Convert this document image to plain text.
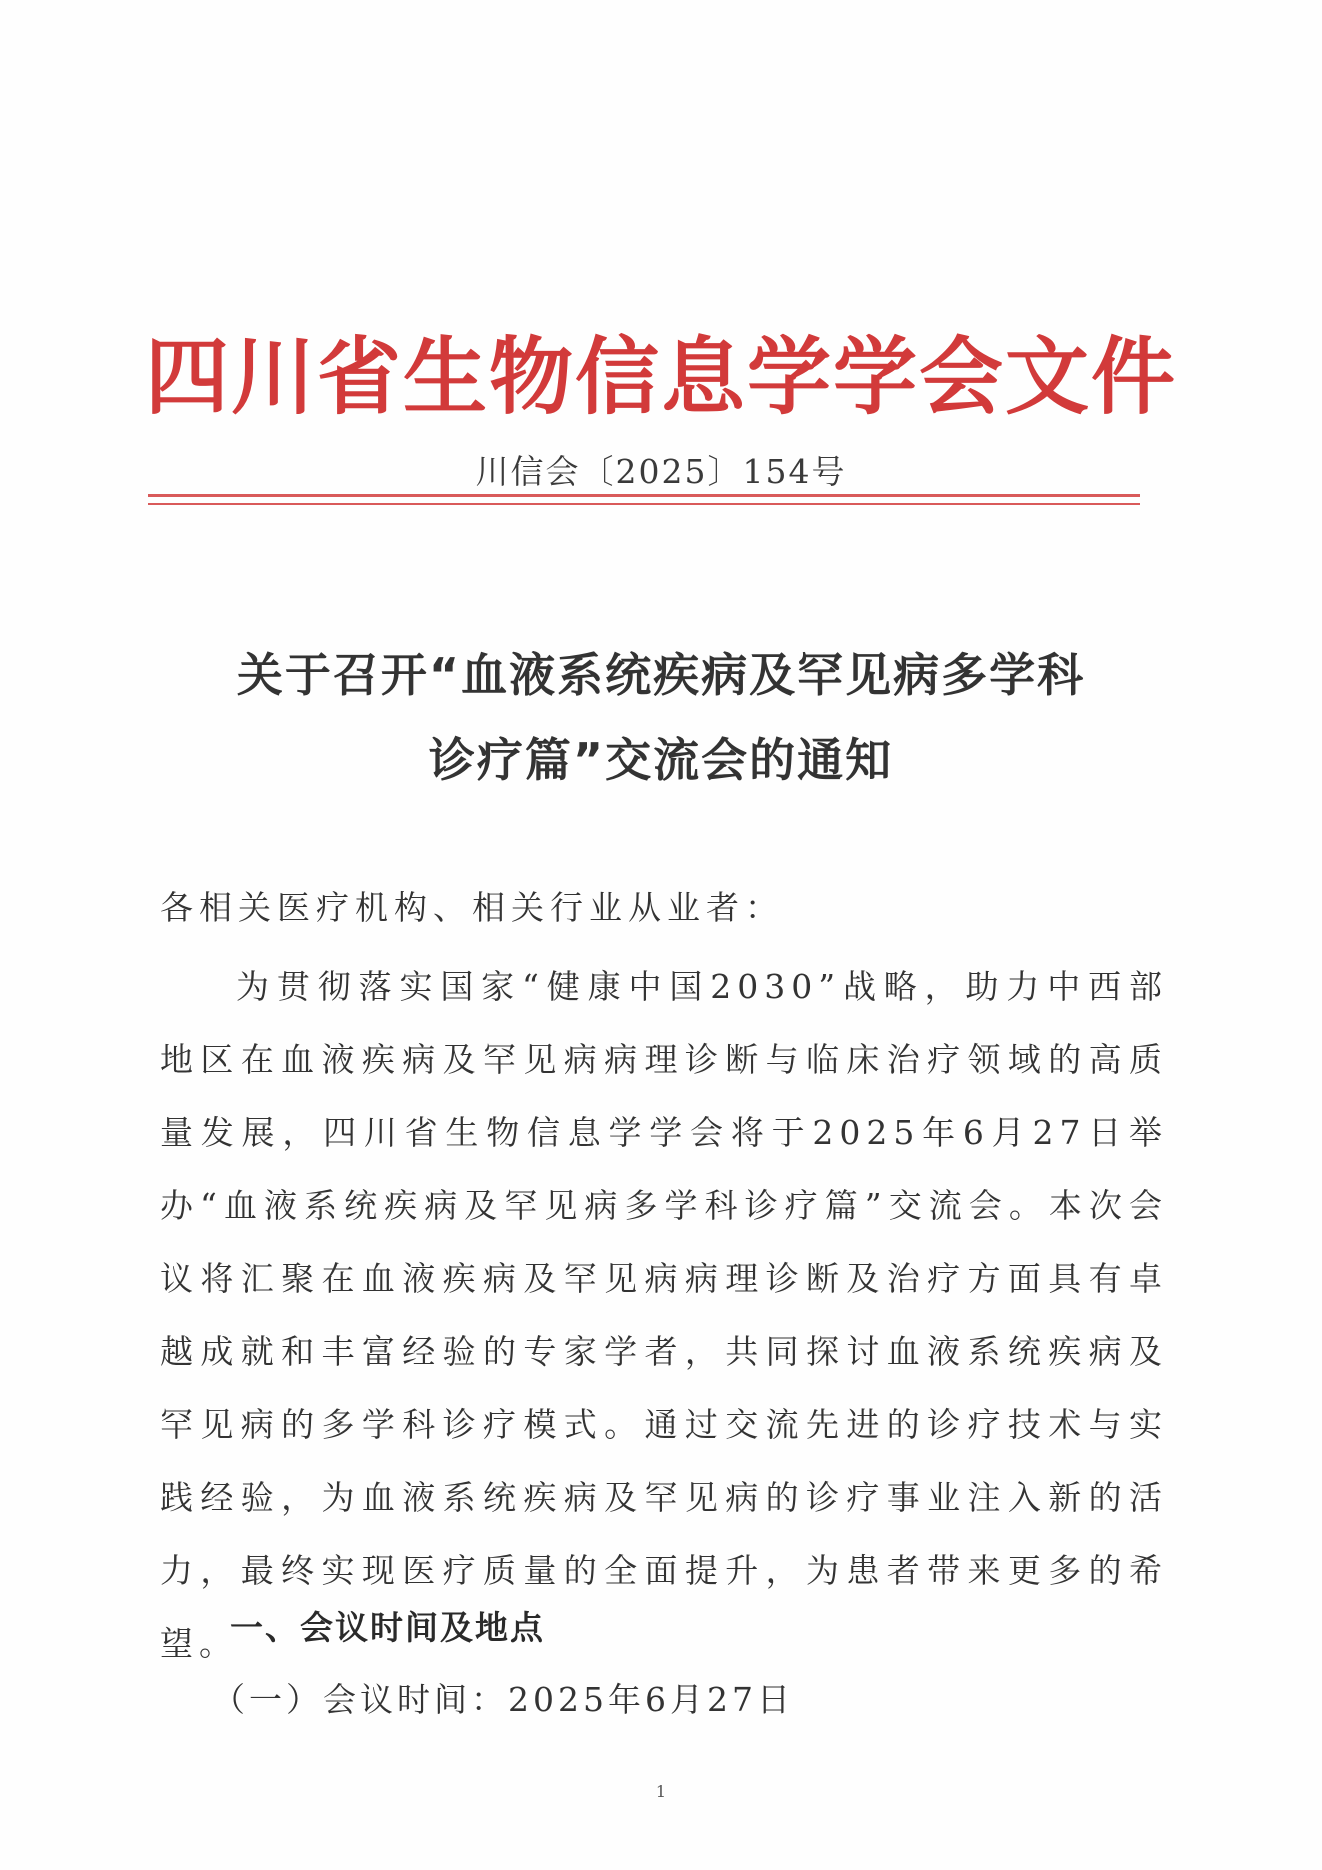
四川省生物信息学学会文件
川信会〔2025〕154号
关于召开“血液系统疾病及罕见病多学科
诊疗篇”交流会的通知
各相关医疗机构、相关行业从业者：
为贯彻落实国家“健康中国2030”战略，助力中西部地区在血液疾病及罕见病病理诊断与临床治疗领域的高质量发展，四川省生物信息学学会将于2025年6月27日举办“血液系统疾病及罕见病多学科诊疗篇”交流会。本次会议将汇聚在血液疾病及罕见病病理诊断及治疗方面具有卓越成就和丰富经验的专家学者，共同探讨血液系统疾病及罕见病的多学科诊疗模式。通过交流先进的诊疗技术与实践经验，为血液系统疾病及罕见病的诊疗事业注入新的活力，最终实现医疗质量的全面提升，为患者带来更多的希望。
一、会议时间及地点
（一）会议时间：2025年6月27日
1
